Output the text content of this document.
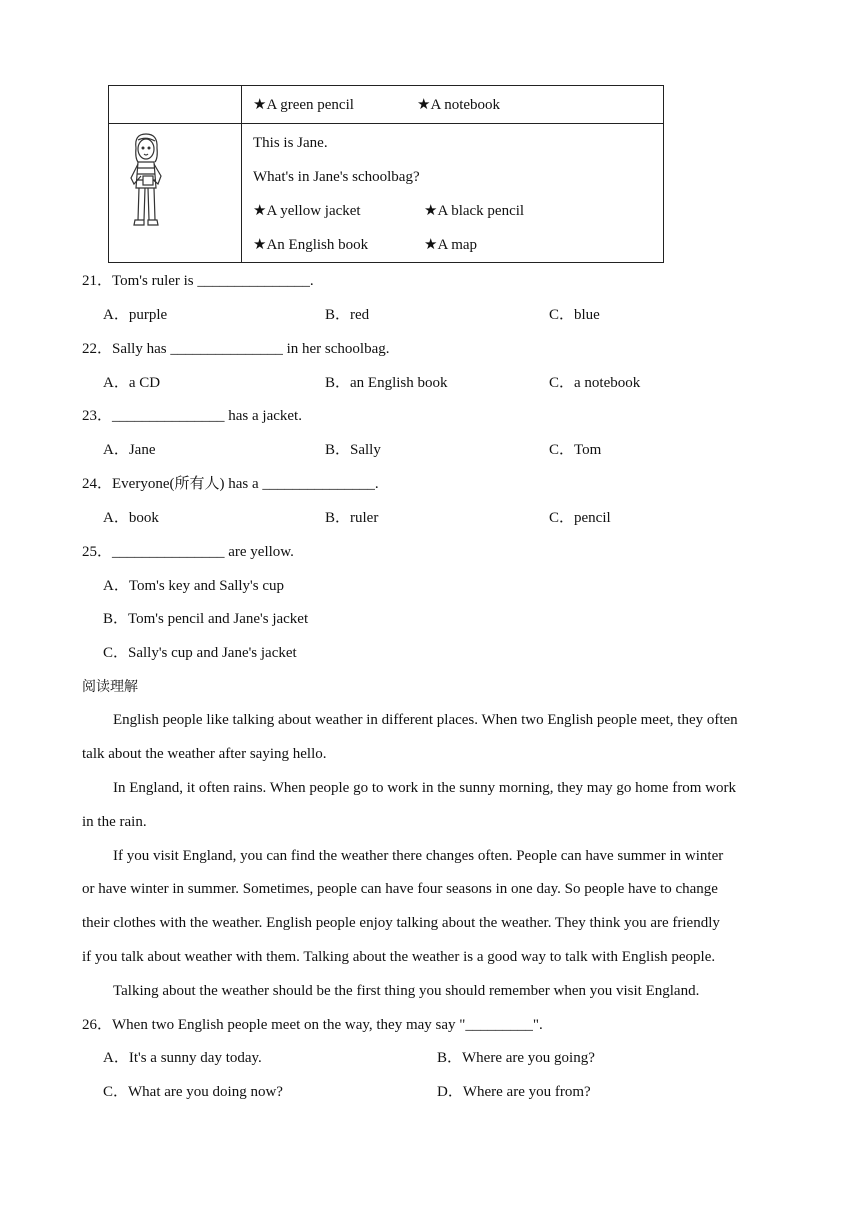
★A green pencil	★A notebook
This is Jane.
What's in Jane's schoolbag?
★A yellow jacket	★A black pencil
★An English book	★A map
21．Tom's ruler is _______________.
A．purple	B．red	C．blue
22．Sally has _______________ in her schoolbag.
A．a CD	B．an English book	C．a notebook
23．_______________ has a jacket.
A．Jane	B．Sally	C．Tom
24．Everyone(所有人) has a _______________.
A．book	B．ruler	C．pencil
25．_______________ are yellow.
A．Tom's key and Sally's cup
B．Tom's pencil and Jane's jacket
C．Sally's cup and Jane's jacket
阅读理解
English people like talking about weather in different places. When two English people meet, they often
talk about the weather after saying hello.
In England, it often rains. When people go to work in the sunny morning, they may go home from work
in the rain.
If you visit England, you can find the weather there changes often. People can have summer in winter
or have winter in summer. Sometimes, people can have four seasons in one day. So people have to change
their clothes with the weather. English people enjoy talking about the weather. They think you are friendly
if you talk about weather with them. Talking about the weather is a good way to talk with English people.
Talking about the weather should be the first thing you should remember when you visit England.
26．When two English people meet on the way, they may say "_________".
A．It's a sunny day today.	B．Where are you going?
C．What are you doing now?	D．Where are you from?
